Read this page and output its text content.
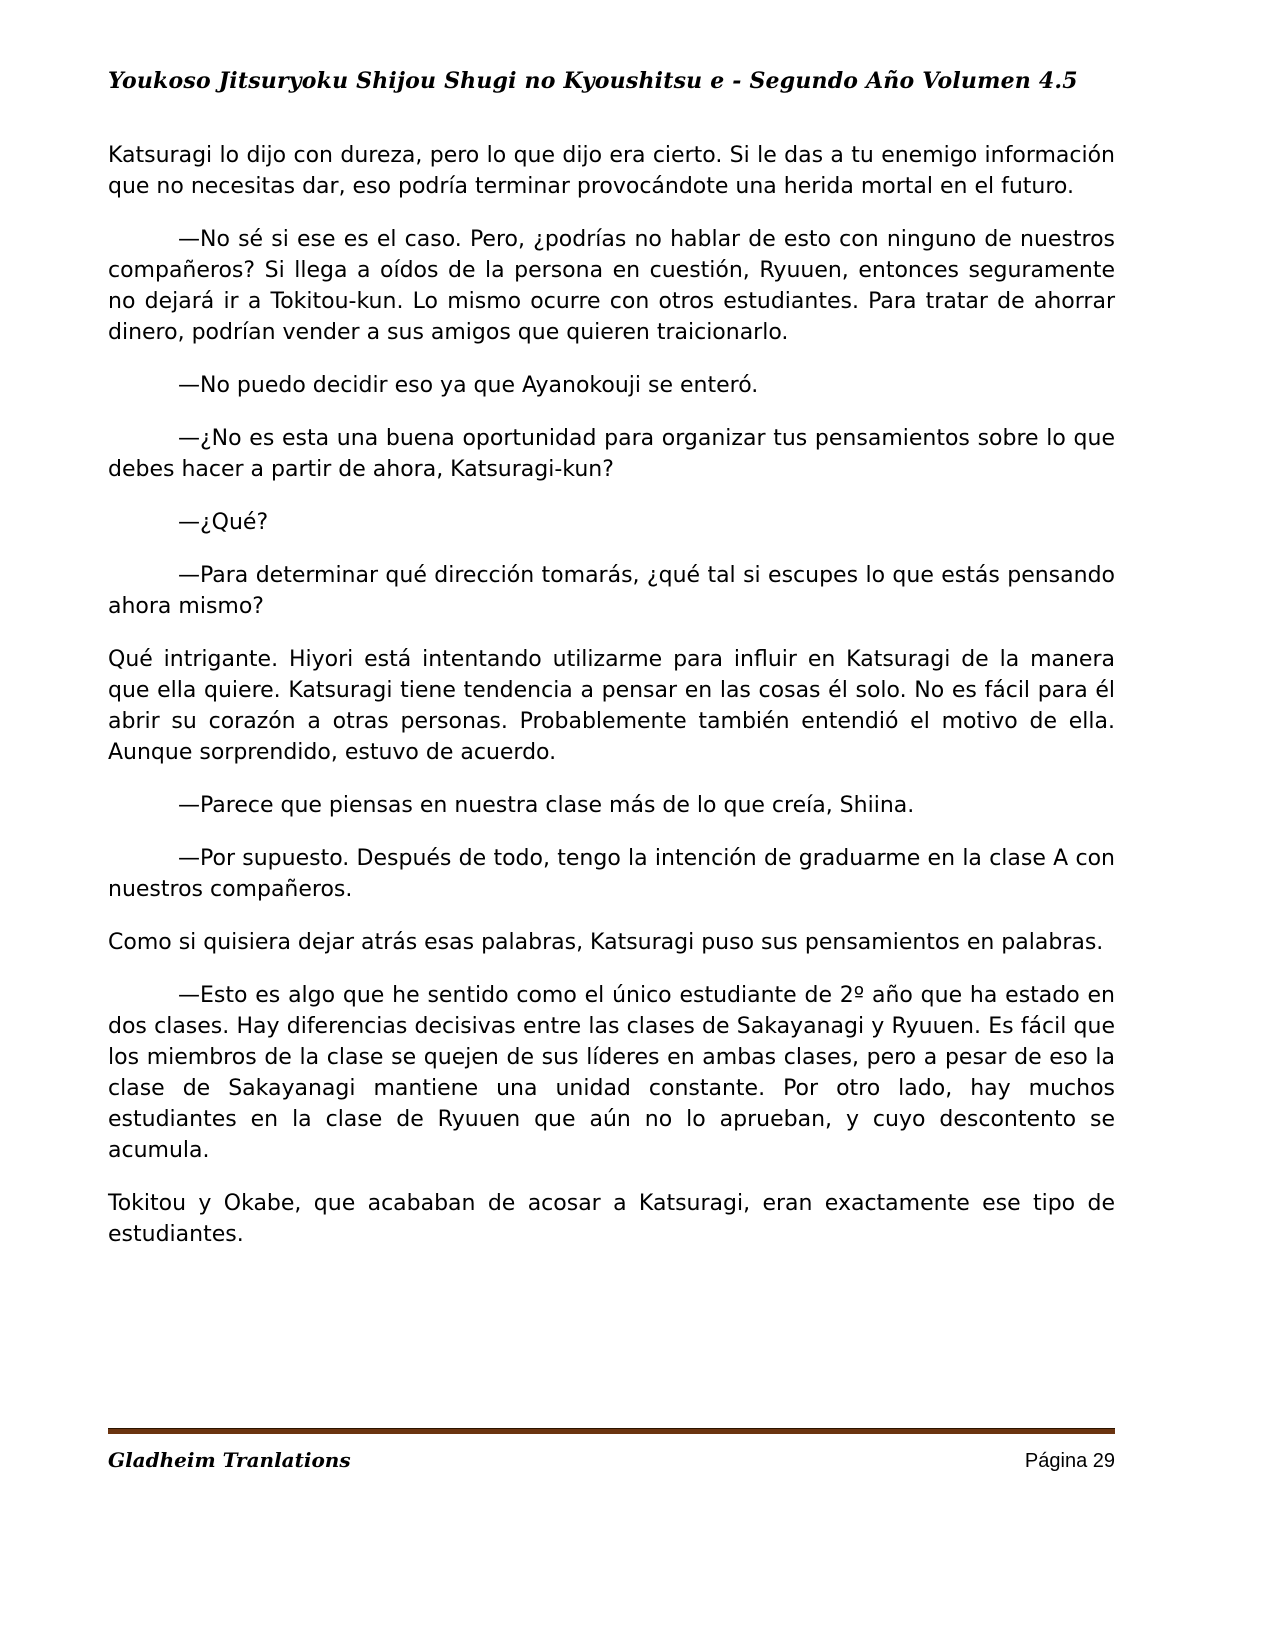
Youkoso Jitsuryoku Shijou Shugi no Kyoushitsu e - Segundo Año Volumen 4.5

Katsuragi lo dijo con dureza, pero lo que dijo era cierto. Si le das a tu enemigo información que no necesitas dar, eso podría terminar provocándote una herida mortal en el futuro.

—No sé si ese es el caso. Pero, ¿podrías no hablar de esto con ninguno de nuestros compañeros? Si llega a oídos de la persona en cuestión, Ryuuen, entonces seguramente no dejará ir a Tokitou-kun. Lo mismo ocurre con otros estudiantes. Para tratar de ahorrar dinero, podrían vender a sus amigos que quieren traicionarlo.

—No puedo decidir eso ya que Ayanokouji se enteró.

—¿No es esta una buena oportunidad para organizar tus pensamientos sobre lo que debes hacer a partir de ahora, Katsuragi-kun?

—¿Qué?

—Para determinar qué dirección tomarás, ¿qué tal si escupes lo que estás pensando ahora mismo?

Qué intrigante. Hiyori está intentando utilizarme para influir en Katsuragi de la manera que ella quiere. Katsuragi tiene tendencia a pensar en las cosas él solo. No es fácil para él abrir su corazón a otras personas. Probablemente también entendió el motivo de ella. Aunque sorprendido, estuvo de acuerdo.

—Parece que piensas en nuestra clase más de lo que creía, Shiina.

—Por supuesto. Después de todo, tengo la intención de graduarme en la clase A con nuestros compañeros.

Como si quisiera dejar atrás esas palabras, Katsuragi puso sus pensamientos en palabras.

—Esto es algo que he sentido como el único estudiante de 2º año que ha estado en dos clases. Hay diferencias decisivas entre las clases de Sakayanagi y Ryuuen. Es fácil que los miembros de la clase se quejen de sus líderes en ambas clases, pero a pesar de eso la clase de Sakayanagi mantiene una unidad constante. Por otro lado, hay muchos estudiantes en la clase de Ryuuen que aún no lo aprueban, y cuyo descontento se acumula.

Tokitou y Okabe, que acababan de acosar a Katsuragi, eran exactamente ese tipo de estudiantes.

Gladheim Tranlations	Página 29
